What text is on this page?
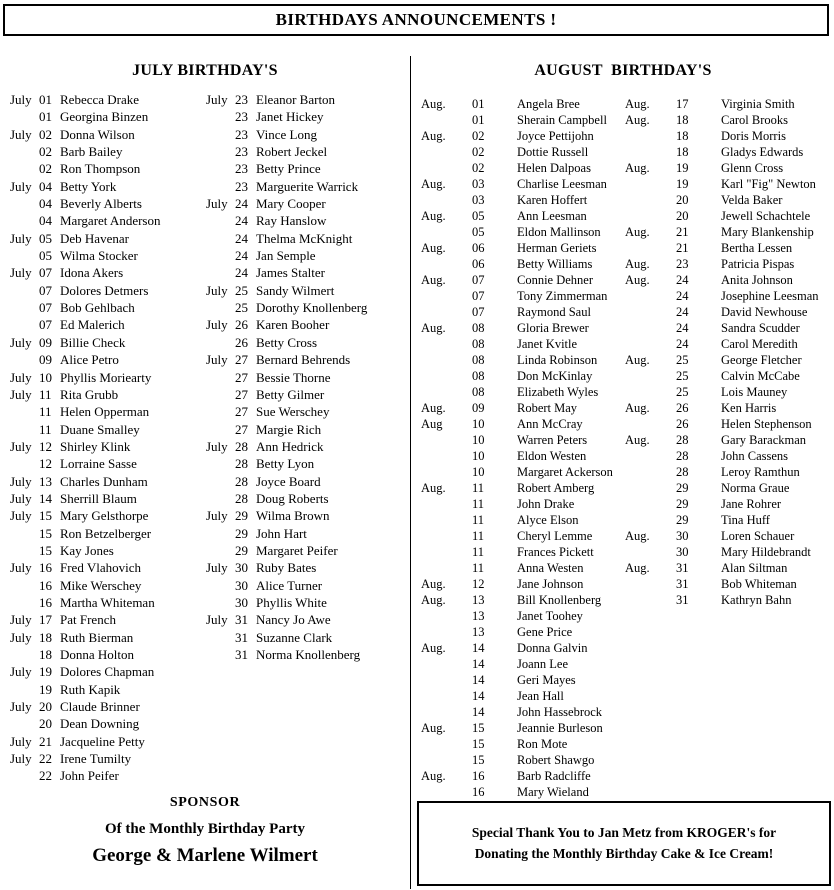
BIRTHDAYS ANNOUNCEMENTS !
JULY BIRTHDAY'S
July 01 Rebecca Drake
01 Georgina Binzen
July 02 Donna Wilson
02 Barb Bailey
02 Ron Thompson
July 04 Betty York
04 Beverly Alberts
04 Margaret Anderson
July 05 Deb Havenar
05 Wilma Stocker
July 07 Idona Akers
07 Dolores Detmers
07 Bob Gehlbach
07 Ed Malerich
July 09 Billie Check
09 Alice Petro
July 10 Phyllis Moriearty
July 11 Rita Grubb
11 Helen Opperman
11 Duane Smalley
July 12 Shirley Klink
12 Lorraine Sasse
July 13 Charles Dunham
July 14 Sherrill Blaum
July 15 Mary Gelsthorpe
15 Ron Betzelberger
15 Kay Jones
July 16 Fred Vlahovich
16 Mike Werschey
16 Martha Whiteman
July 17 Pat French
July 18 Ruth Bierman
18 Donna Holton
July 19 Dolores Chapman
19 Ruth Kapik
July 20 Claude Brinner
20 Dean Downing
July 21 Jacqueline Petty
July 22 Irene Tumilty
22 John Peifer
July 23 Eleanor Barton
23 Janet Hickey
23 Vince Long
23 Robert Jeckel
23 Betty Prince
23 Marguerite Warrick
July 24 Mary Cooper
24 Ray Hanslow
24 Thelma McKnight
24 Jan Semple
24 James Stalter
July 25 Sandy Wilmert
25 Dorothy Knollenberg
July 26 Karen Booher
26 Betty Cross
July 27 Bernard Behrends
27 Bessie Thorne
27 Betty Gilmer
27 Sue Werschey
27 Margie Rich
July 28 Ann Hedrick
28 Betty Lyon
28 Joyce Board
28 Doug Roberts
July 29 Wilma Brown
29 John Hart
29 Margaret Peifer
July 30 Ruby Bates
30 Alice Turner
30 Phyllis White
July 31 Nancy Jo Awe
31 Suzanne Clark
31 Norma Knollenberg
SPONSOR
Of the Monthly Birthday Party
George & Marlene Wilmert
AUGUST  BIRTHDAY'S
Aug. 01	Angela Bree
01	Sherain Campbell
Aug. 02	Joyce Pettijohn
02	Dottie Russell
02	Helen Dalpoas
Aug. 03	Charlise Leesman
03	Karen Hoffert
Aug. 05	Ann Leesman
05	Eldon Mallinson
Aug. 06	Herman Geriets
06	Betty Williams
Aug. 07	Connie Dehner
07	Tony Zimmerman
07	Raymond Saul
Aug. 08	Gloria Brewer
08	Janet Kvitle
08	Linda Robinson
08	Don McKinlay
08	Elizabeth Wyles
Aug. 09	Robert May
Aug 10	Ann McCray
10	Warren Peters
10	Eldon Westen
10	Margaret Ackerson
Aug. 11	Robert Amberg
11	John Drake
11	Alyce Elson
11	Cheryl Lemme
11	Frances Pickett
11	Anna Westen
Aug. 12	Jane Johnson
Aug. 13	Bill Knollenberg
13	Janet Toohey
13	Gene Price
Aug. 14	Donna Galvin
14	Joann Lee
14	Geri Mayes
14	Jean Hall
14	John Hassebrock
Aug. 15	Jeannie Burleson
15	Ron Mote
15	Robert Shawgo
Aug. 16	Barb Radcliffe
16	Mary Wieland
Aug. 17	Virginia Smith
Aug. 18	Carol Brooks
18	Doris Morris
18	Gladys Edwards
Aug. 19	Glenn Cross
19	Karl "Fig" Newton
20	Velda Baker
20	Jewell Schachtele
Aug. 21	Mary Blankenship
21	Bertha Lessen
Aug. 23	Patricia Pispas
Aug. 24	Anita Johnson
24	Josephine Leesman
24	David Newhouse
24	Sandra Scudder
24	Carol Meredith
Aug. 25	George Fletcher
25	Calvin McCabe
25	Lois Mauney
Aug. 26	Ken Harris
26	Helen Stephenson
Aug. 28	Gary Barackman
28	John Cassens
28	Leroy Ramthun
29	Norma Graue
29	Jane Rohrer
29	Tina Huff
Aug. 30	Loren Schauer
30	Mary Hildebrandt
Aug. 31	Alan Siltman
31	Bob Whiteman
31	Kathryn Bahn
Special Thank You to Jan Metz from KROGER's for
Donating the Monthly Birthday Cake & Ice Cream!
